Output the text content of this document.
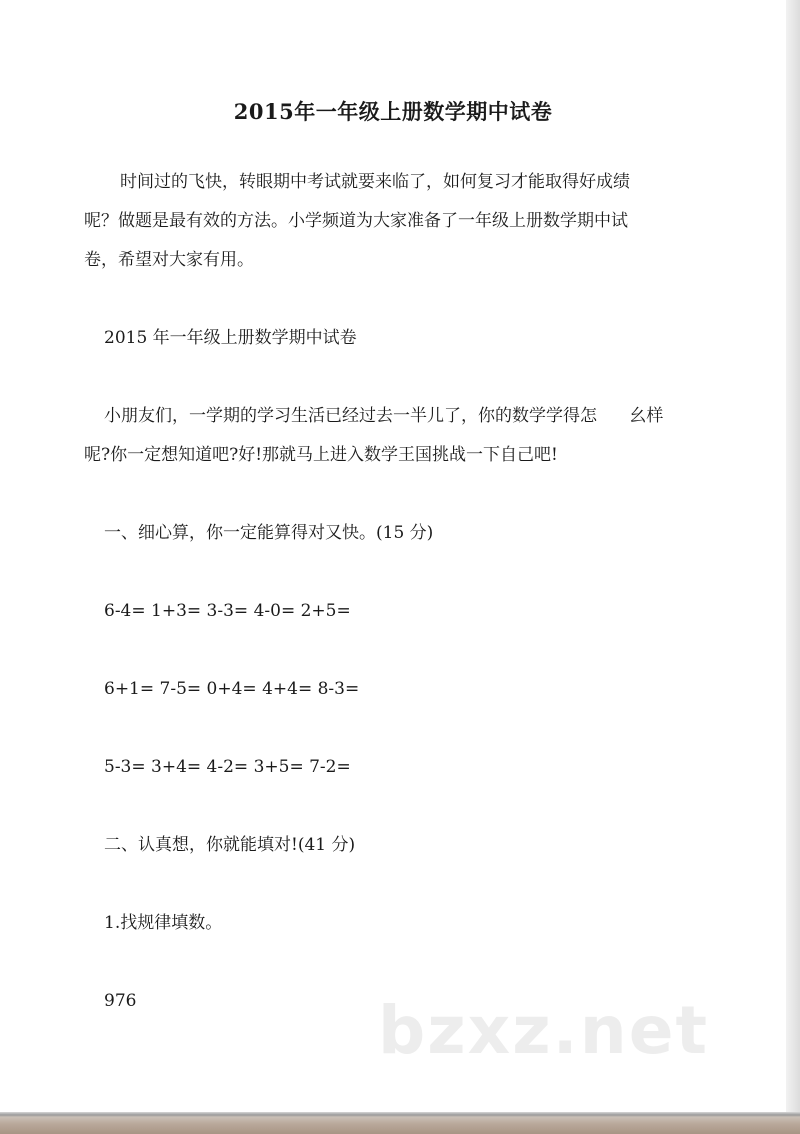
2015年一年级上册数学期中试卷

时间过的飞快，转眼期中考试就要来临了，如何复习才能取得好成绩

呢？做题是最有效的方法。小学频道为大家准备了一年级上册数学期中试

卷，希望对大家有用。

2015 年一年级上册数学期中试卷

小朋友们，一学期的学习生活已经过去一半儿了，你的数学学得怎      幺样

呢?你一定想知道吧?好!那就马上进入数学王国挑战一下自己吧!

一、细心算，你一定能算得对又快。(15 分)

6-4= 1+3= 3-3= 4-0= 2+5=

6+1= 7-5= 0+4= 4+4= 8-3=

5-3= 3+4= 4-2= 3+5= 7-2=

二、认真想，你就能填对!(41 分)

1.找规律填数。

976	bzxz.net
